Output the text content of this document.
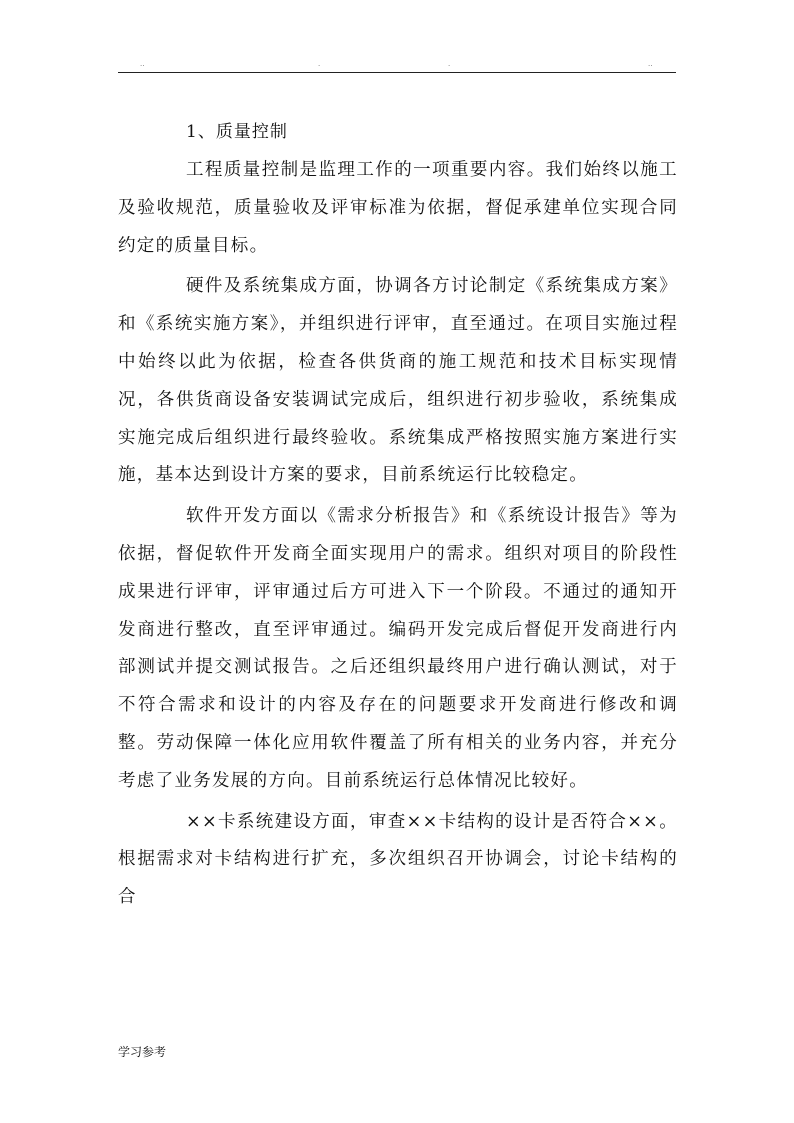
..	.	.	..

1、质量控制

工程质量控制是监理工作的一项重要内容。我们始终以施工及验收规范，质量验收及评审标准为依据，督促承建单位实现合同约定的质量目标。

硬件及系统集成方面，协调各方讨论制定《系统集成方案》和《系统实施方案》，并组织进行评审，直至通过。在项目实施过程中始终以此为依据，检查各供货商的施工规范和技术目标实现情况，各供货商设备安装调试完成后，组织进行初步验收，系统集成实施完成后组织进行最终验收。系统集成严格按照实施方案进行实施，基本达到设计方案的要求，目前系统运行比较稳定。

软件开发方面以《需求分析报告》和《系统设计报告》等为依据，督促软件开发商全面实现用户的需求。组织对项目的阶段性成果进行评审，评审通过后方可进入下一个阶段。不通过的通知开发商进行整改，直至评审通过。编码开发完成后督促开发商进行内部测试并提交测试报告。之后还组织最终用户进行确认测试，对于不符合需求和设计的内容及存在的问题要求开发商进行修改和调整。劳动保障一体化应用软件覆盖了所有相关的业务内容，并充分考虑了业务发展的方向。目前系统运行总体情况比较好。

××卡系统建设方面，审查××卡结构的设计是否符合××。根据需求对卡结构进行扩充，多次组织召开协调会，讨论卡结构的合

学习参考
